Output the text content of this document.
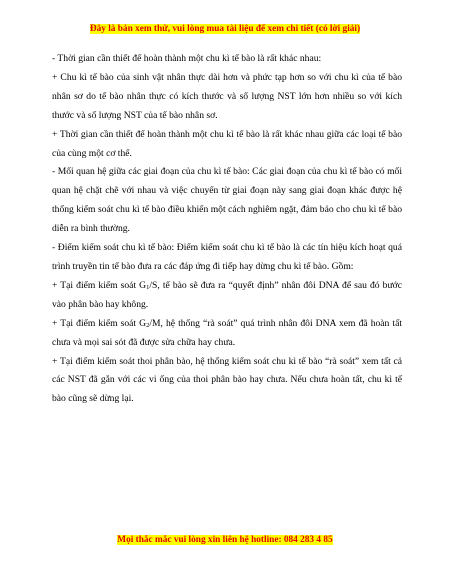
Đây là bản xem thử, vui lòng mua tài liệu để xem chi tiết (có lời giải)

- Thời gian cần thiết để hoàn thành một chu kì tế bào là rất khác nhau:

+ Chu kì tế bào của sinh vật nhân thực dài hơn và phức tạp hơn so với chu kì của tế bào nhân sơ do tế bào nhân thực có kích thước và số lượng NST lớn hơn nhiều so với kích thước và số lượng NST của tế bào nhân sơ.

+ Thời gian cần thiết để hoàn thành một chu kì tế bào là rất khác nhau giữa các loại tế bào của cùng một cơ thể.

- Mối quan hệ giữa các giai đoạn của chu kì tế bào: Các giai đoạn của chu kì tế bào có mối quan hệ chặt chẽ với nhau và việc chuyển từ giai đoạn này sang giai đoạn khác được hệ thống kiểm soát chu kì tế bào điều khiển một cách nghiêm ngặt, đảm bảo cho chu kì tế bào diễn ra bình thường.

- Điểm kiểm soát chu kì tế bào: Điểm kiểm soát chu kì tế bào là các tín hiệu kích hoạt quá trình truyền tin tế bào đưa ra các đáp ứng đi tiếp hay dừng chu kì tế bào. Gồm:

+ Tại điểm kiểm soát $G_1/S$, tế bào sẽ đưa ra “quyết định” nhân đôi DNA để sau đó bước vào phân bào hay không.

+ Tại điểm kiểm soát $G_2/M$, hệ thống “rà soát” quá trình nhân đôi DNA xem đã hoàn tất chưa và mọi sai sót đã được sửa chữa hay chưa.

+ Tại điểm kiểm soát thoi phân bào, hệ thống kiểm soát chu kì tế bào “rà soát” xem tất cả các NST đã gắn với các vi ống của thoi phân bào hay chưa. Nếu chưa hoàn tất, chu kì tế bào cũng sẽ dừng lại.

Mọi thắc mắc vui lòng xin liên hệ hotline: 084 283 4 85
